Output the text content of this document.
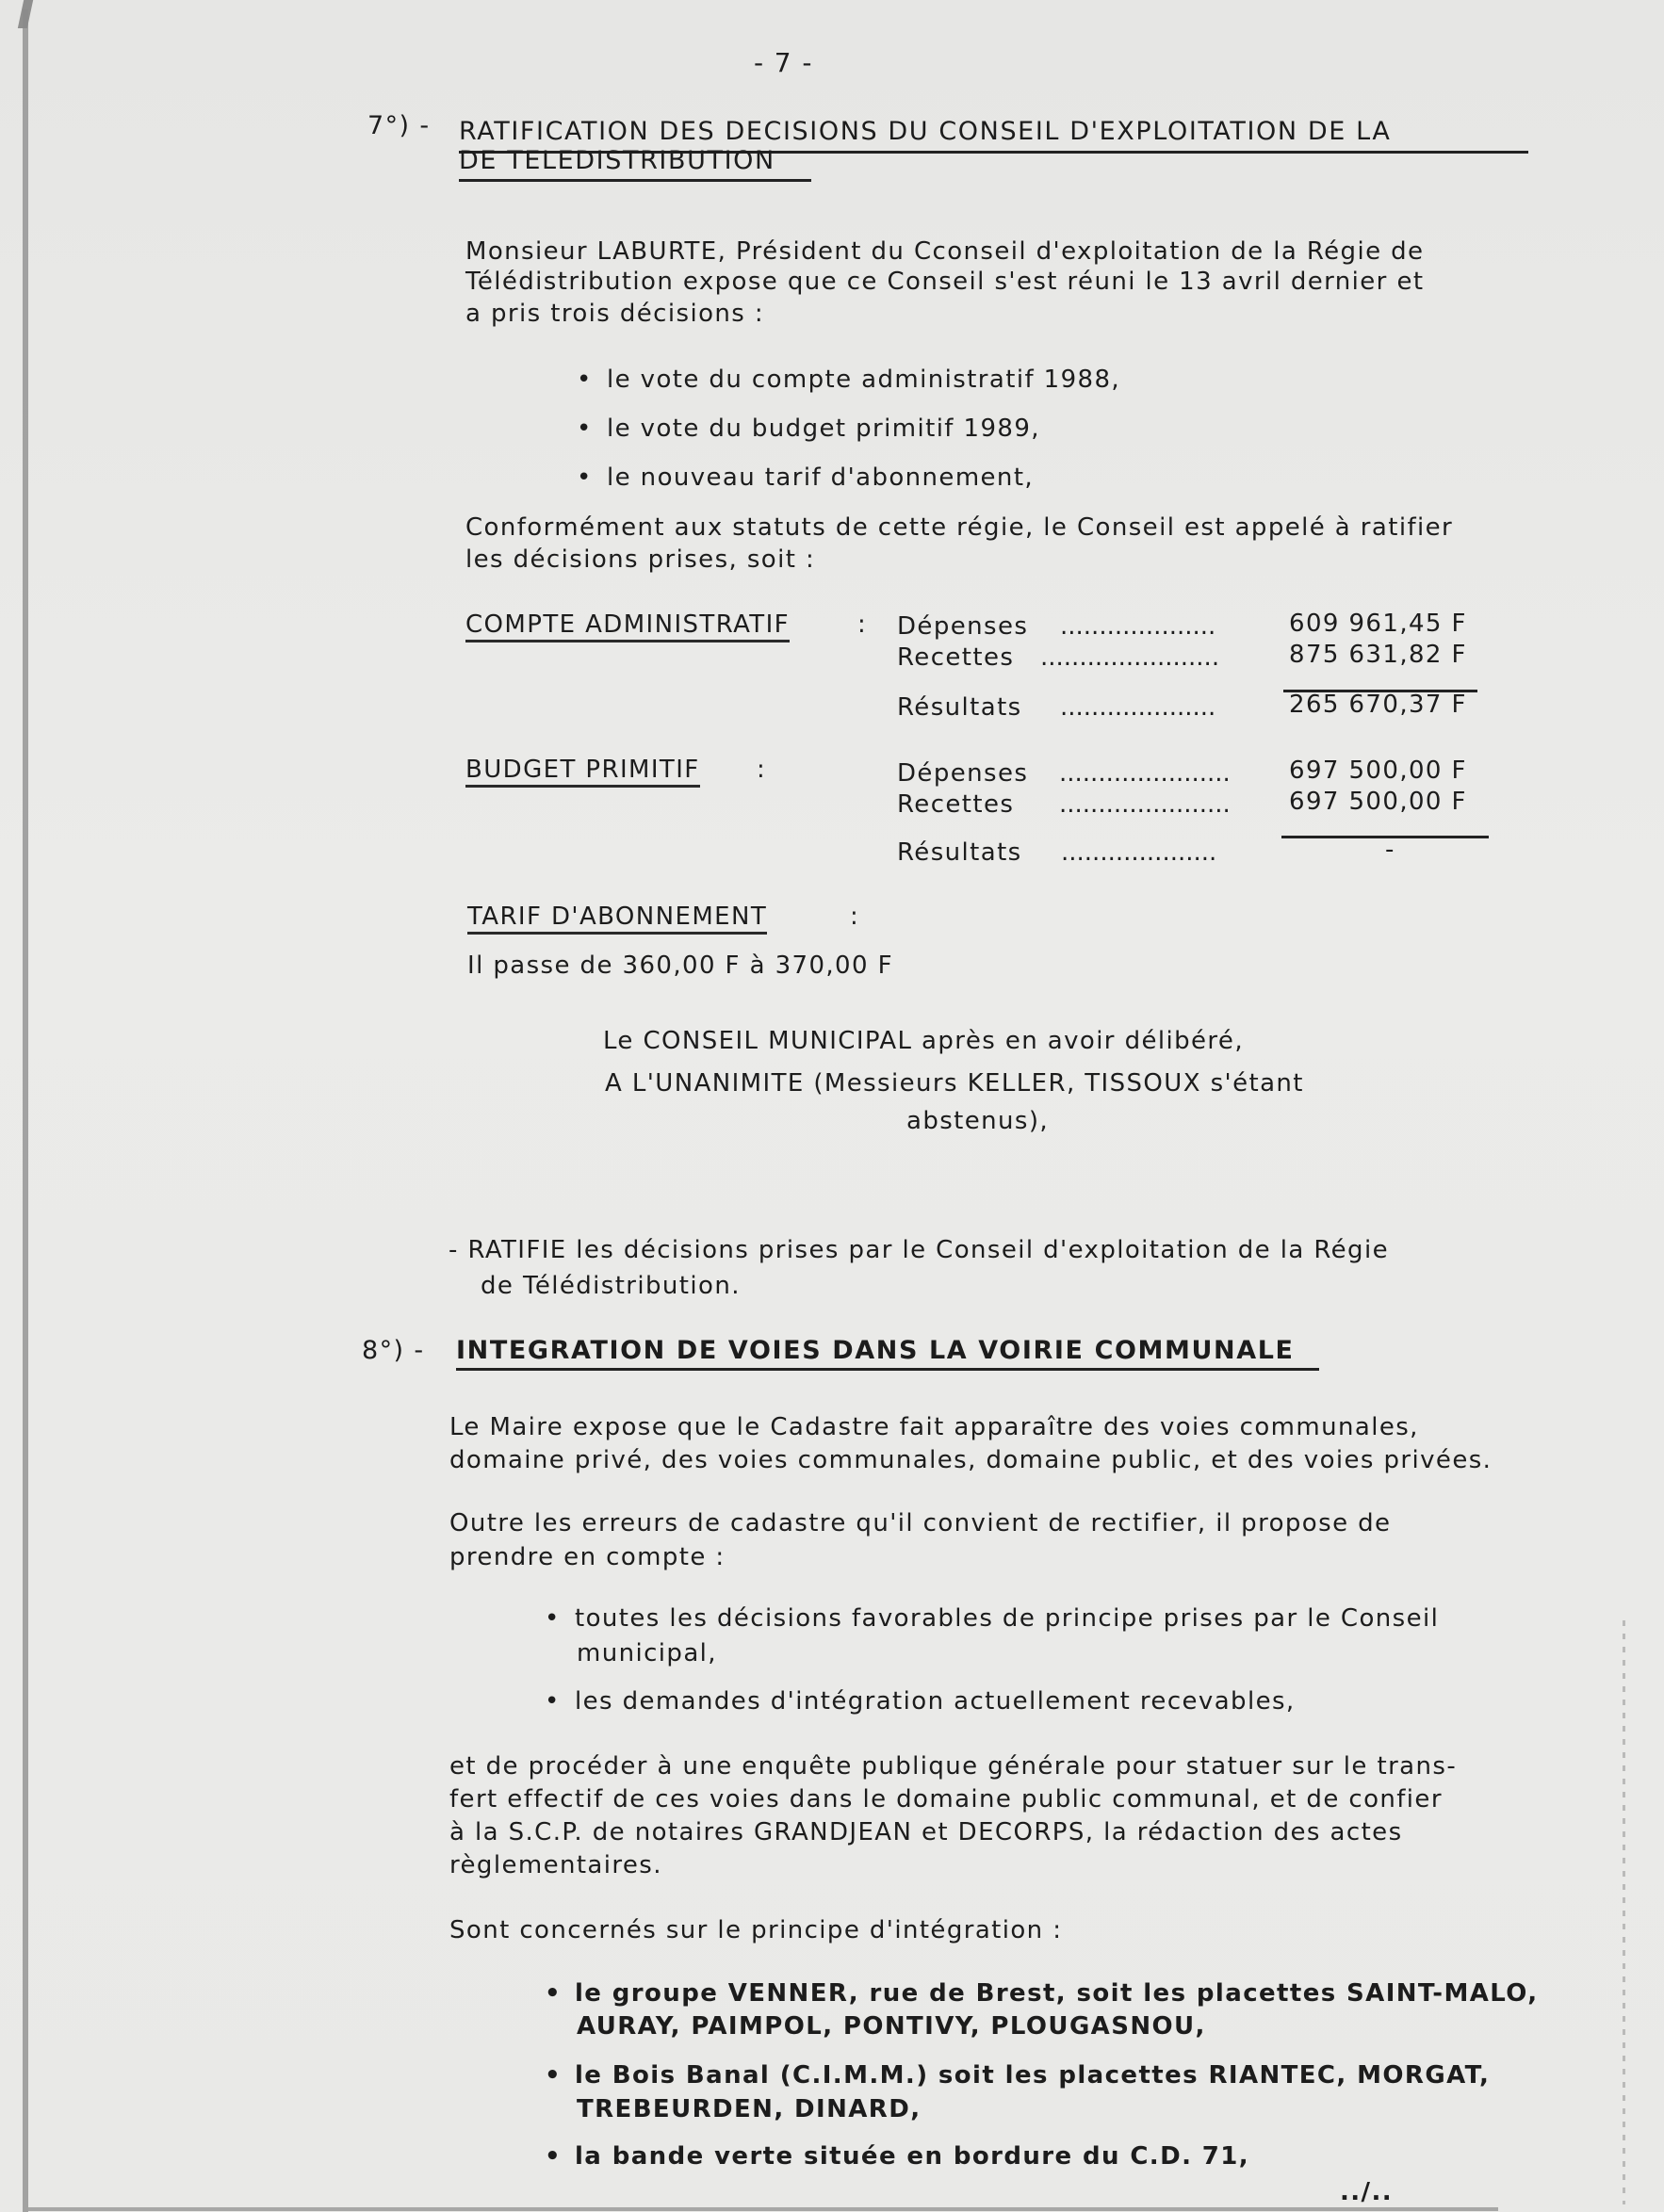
- 7 -
7°) - RATIFICATION DES DECISIONS DU CONSEIL D'EXPLOITATION DE LA
DE TELEDISTRIBUTION
Monsieur LABURTE, Président du Cconseil d'exploitation de la Régie de
Télédistribution expose que ce Conseil s'est réuni le 13 avril dernier et
a pris trois décisions :
• le vote du compte administratif 1988,
• le vote du budget primitif 1989,
• le nouveau tarif d'abonnement,
Conformément aux statuts de cette régie, le Conseil est appelé à ratifier
les décisions prises, soit :
COMPTE ADMINISTRATIF	: Dépenses ....................	609 961,45 F
Recettes .......................	875 631,82 F
Résultats ....................	265 670,37 F
BUDGET PRIMITIF :	Dépenses ...................... 697 500,00 F
Recettes ...................... 697 500,00 F
Résultats ....................	-
TARIF D'ABONNEMENT	:
Il passe de 360,00 F à 370,00 F
Le CONSEIL MUNICIPAL après en avoir délibéré,
A L'UNANIMITE (Messieurs KELLER, TISSOUX s'étant
abstenus),
- RATIFIE les décisions prises par le Conseil d'exploitation de la Régie
de Télédistribution.
8°) - INTEGRATION DE VOIES DANS LA VOIRIE COMMUNALE
Le Maire expose que le Cadastre fait apparaître des voies communales,
domaine privé, des voies communales, domaine public, et des voies privées.
Outre les erreurs de cadastre qu'il convient de rectifier, il propose de
prendre en compte :
• toutes les décisions favorables de principe prises par le Conseil
municipal,
• les demandes d'intégration actuellement recevables,
et de procéder à une enquête publique générale pour statuer sur le trans-
fert effectif de ces voies dans le domaine public communal, et de confier
à la S.C.P. de notaires GRANDJEAN et DECORPS, la rédaction des actes
règlementaires.
Sont concernés sur le principe d'intégration :
• le groupe VENNER, rue de Brest, soit les placettes SAINT-MALO,
AURAY, PAIMPOL, PONTIVY, PLOUGASNOU,
• le Bois Banal (C.I.M.M.) soit les placettes RIANTEC, MORGAT,
TREBEURDEN, DINARD,
• la bande verte située en bordure du C.D. 71,
../..
